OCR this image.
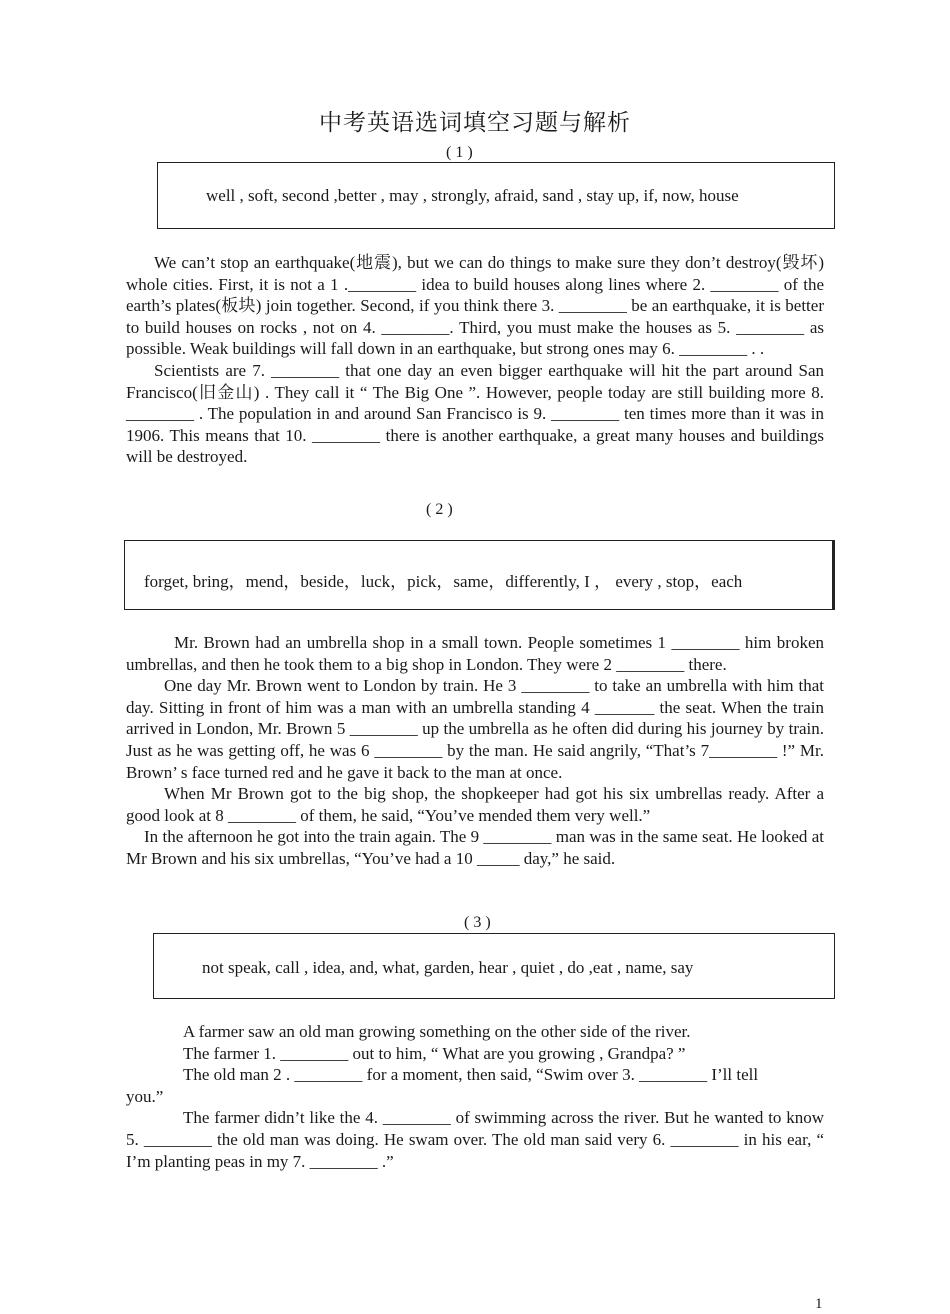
中考英语选词填空习题与解析
( 1 )
well , soft, second ,better , may , strongly, afraid, sand , stay up, if, now, house

We can’t stop an earthquake(地震), but we can do things to make sure they don’t destroy(毁坏) whole cities. First, it is not a 1 .________ idea to build houses along lines where 2. ________ of the earth’s plates(板块) join together. Second, if you think there 3. ________ be an earthquake, it is better to build houses on rocks , not on 4. ________. Third, you must make the houses as 5. ________ as possible. Weak buildings will fall down in an earthquake, but strong ones may 6. ________ . .

Scientists are 7. ________ that one day an even bigger earthquake will hit the part around San Francisco(旧金山) . They call it “ The Big One ”. However, people today are still building more 8. ________ . The population in and around San Francisco is 9. ________ ten times more than it was in 1906. This means that 10. ________ there is another earthquake, a great many houses and buildings will be destroyed.

( 2 )
forget, bring，mend，beside，luck，pick，same，differently, I ， every , stop，each

Mr. Brown had an umbrella shop in a small town. People sometimes 1 ________ him broken umbrellas, and then he took them to a big shop in London. They were 2 ________ there.

One day Mr. Brown went to London by train. He 3 ________ to take an umbrella with him that day. Sitting in front of him was a man with an umbrella standing 4 _______ the seat. When the train arrived in London, Mr. Brown 5 ________ up the umbrella as he often did during his journey by train. Just as he was getting off, he was 6 ________ by the man. He said angrily, “That’s 7________ !” Mr. Brown’ s face turned red and he gave it back to the man at once.

When Mr Brown got to the big shop, the shopkeeper had got his six umbrellas ready. After a good look at 8 ________ of them, he said, “You’ve mended them very well.”

In the afternoon he got into the train again. The 9 ________ man was in the same seat. He looked at Mr Brown and his six umbrellas, “You’ve had a 10 _____ day,” he said.

( 3 )
not speak, call , idea, and, what, garden, hear , quiet , do ,eat , name, say

A farmer saw an old man growing something on the other side of the river.

The farmer 1. ________ out to him, “ What are you growing , Grandpa? ”

The old man 2 . ________ for a moment, then said, “Swim over 3. ________ I’ll tell

you.”

The farmer didn’t like the 4. ________ of swimming across the river. But he wanted to know 5. ________ the old man was doing. He swam over. The old man said very 6. ________ in his ear, “ I’m planting peas in my 7. ________ .”

1
